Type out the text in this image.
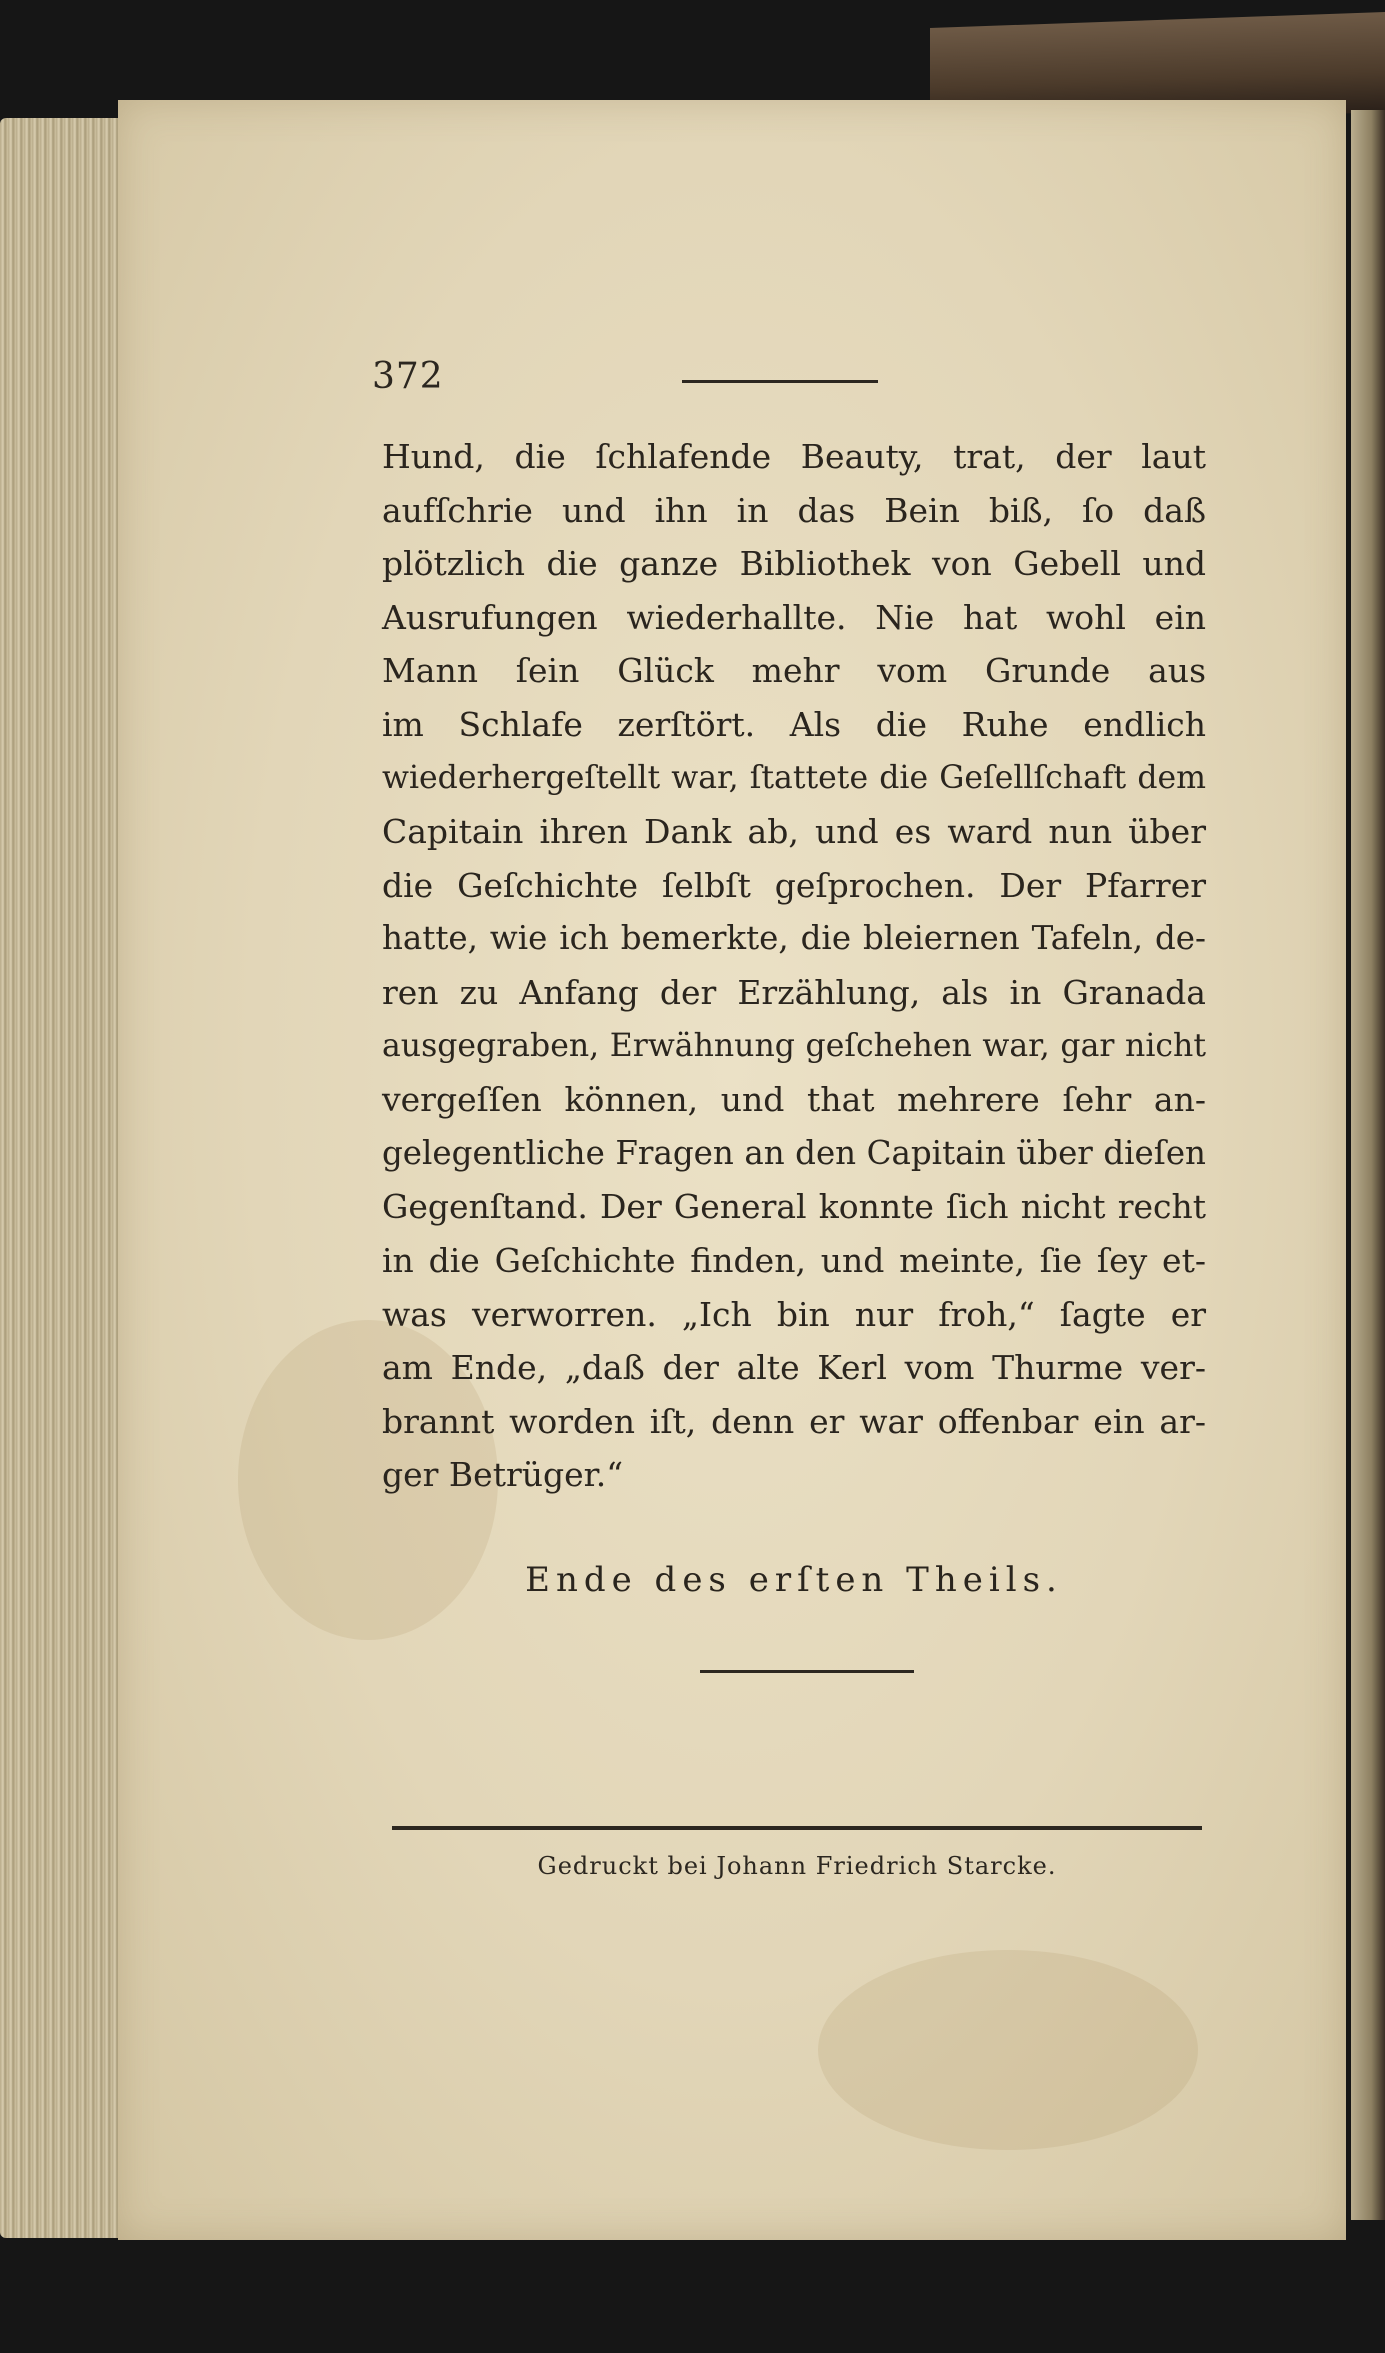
372
Hund, die ſchlafende Beauty, trat, der laut
aufſchrie und ihn in das Bein biß, ſo daß
plötzlich die ganze Bibliothek von Gebell und
Ausrufungen wiederhallte. Nie hat wohl ein
Mann ſein Glück mehr vom Grunde aus
im Schlafe zerſtört. Als die Ruhe endlich
wiederhergeſtellt war, ſtattete die Geſellſchaft dem
Capitain ihren Dank ab, und es ward nun über
die Geſchichte ſelbſt geſprochen. Der Pfarrer
hatte, wie ich bemerkte, die bleiernen Tafeln, de-
ren zu Anfang der Erzählung, als in Granada
ausgegraben, Erwähnung geſchehen war, gar nicht
vergeſſen können, und that mehrere ſehr an-
gelegentliche Fragen an den Capitain über dieſen
Gegenſtand. Der General konnte ſich nicht recht
in die Geſchichte finden, und meinte, ſie ſey et-
was verworren. „Ich bin nur froh,“ ſagte er
am Ende, „daß der alte Kerl vom Thurme ver-
brannt worden iſt, denn er war offenbar ein ar-
ger Betrüger.“
Ende des erſten Theils.
Gedruckt bei Johann Friedrich Starcke.
